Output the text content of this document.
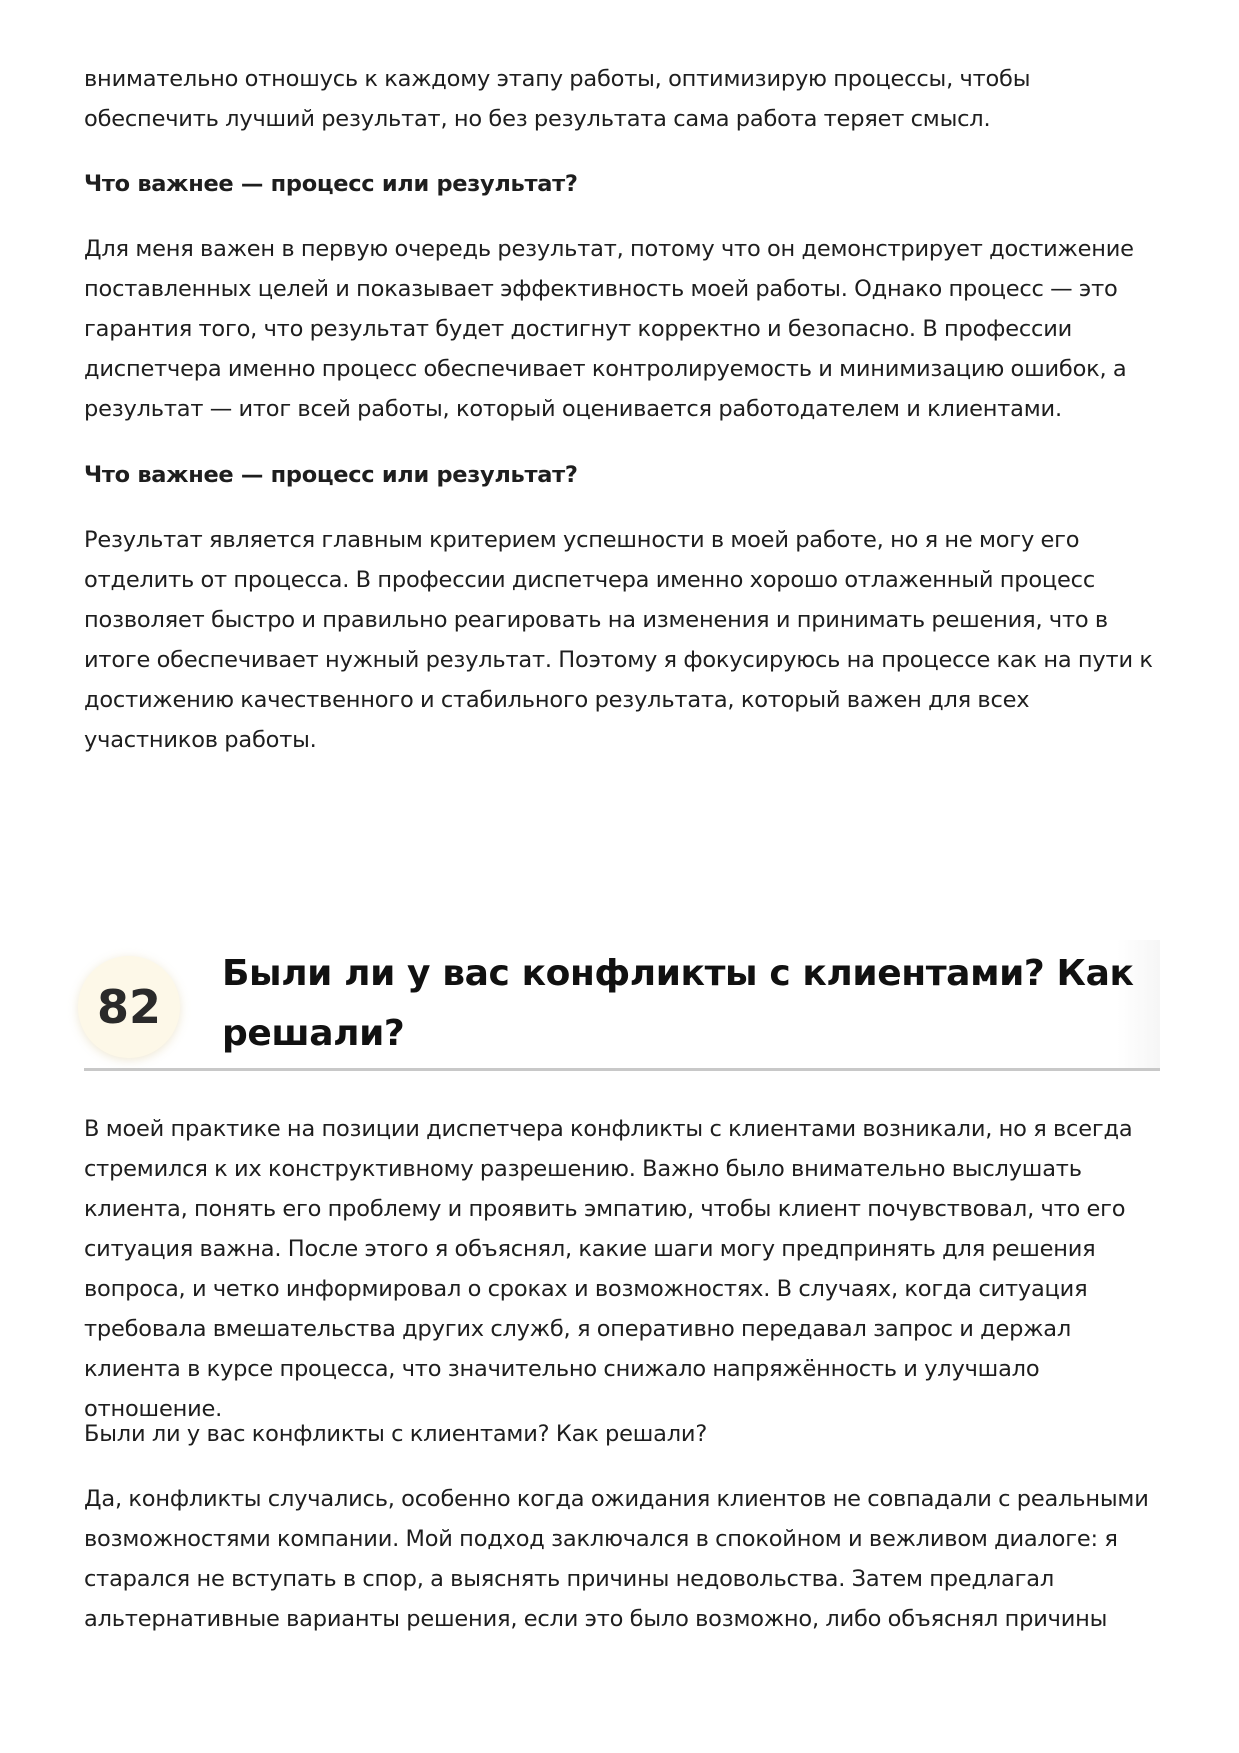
внимательно отношусь к каждому этапу работы, оптимизирую процессы, чтобы обеспечить лучший результат, но без результата сама работа теряет смысл.

Что важнее — процесс или результат?

Для меня важен в первую очередь результат, потому что он демонстрирует достижение поставленных целей и показывает эффективность моей работы. Однако процесс — это гарантия того, что результат будет достигнут корректно и безопасно. В профессии диспетчера именно процесс обеспечивает контролируемость и минимизацию ошибок, а результат — итог всей работы, который оценивается работодателем и клиентами.

Что важнее — процесс или результат?

Результат является главным критерием успешности в моей работе, но я не могу его отделить от процесса. В профессии диспетчера именно хорошо отлаженный процесс позволяет быстро и правильно реагировать на изменения и принимать решения, что в итоге обеспечивает нужный результат. Поэтому я фокусируюсь на процессе как на пути к достижению качественного и стабильного результата, который важен для всех участников работы.

82
Были ли у вас конфликты с клиентами? Как решали?

В моей практике на позиции диспетчера конфликты с клиентами возникали, но я всегда стремился к их конструктивному разрешению. Важно было внимательно выслушать клиента, понять его проблему и проявить эмпатию, чтобы клиент почувствовал, что его ситуация важна. После этого я объяснял, какие шаги могу предпринять для решения вопроса, и четко информировал о сроках и возможностях. В случаях, когда ситуация требовала вмешательства других служб, я оперативно передавал запрос и держал клиента в курсе процесса, что значительно снижало напряжённость и улучшало отношение.

Были ли у вас конфликты с клиентами? Как решали?

Да, конфликты случались, особенно когда ожидания клиентов не совпадали с реальными возможностями компании. Мой подход заключался в спокойном и вежливом диалоге: я старался не вступать в спор, а выяснять причины недовольства. Затем предлагал альтернативные варианты решения, если это было возможно, либо объяснял причины
